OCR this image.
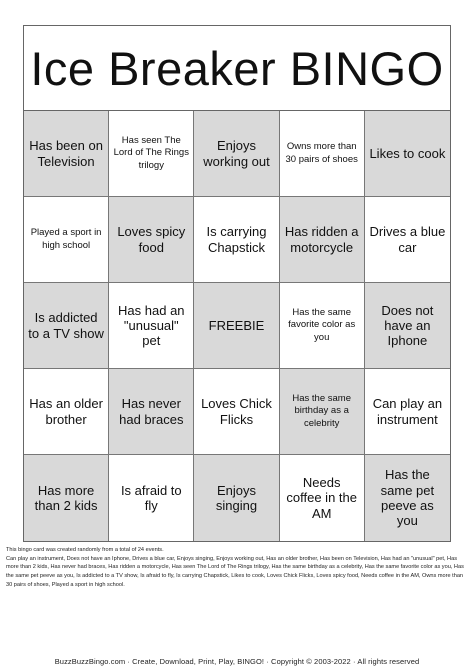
Ice Breaker BINGO
Has been on Television
Has seen The Lord of The Rings trilogy
Enjoys working out
Owns more than 30 pairs of shoes Likes to cook
Played a sport in high school
Loves spicy food
Is carrying Chapstick
Has ridden a motorcycle
Drives a blue car
Is addicted to a TV show
Has had an "unusual" pet
FREEBIE
Has the same favorite color as you
Does not have an Iphone
Has an older brother
Has never had braces
Loves Chick Flicks
Has the same birthday as a celebrity
Can play an instrument
Has more than 2 kids
Is afraid to fly
Enjoys singing
Needs coffee in the AM
Has the same pet peeve as you
This bingo card was created randomly from a total of 24 events.
Can play an instrument, Does not have an Iphone, Drives a blue car, Enjoys singing, Enjoys working out, Has an older brother, Has been on Television, Has had an "unusual" pet, Has more than 2 kids, Has never had braces, Has ridden a motorcycle, Has seen The Lord of The Rings trilogy, Has the same birthday as a celebrity, Has the same favorite color as you, Has the same pet peeve as you, Is addicted to a TV show, Is afraid to fly, Is carrying Chapstick, Likes to cook, Loves Chick Flicks, Loves spicy food, Needs coffee in the AM, Owns more than 30 pairs of shoes, Played a sport in high school.
BuzzBuzzBingo.com · Create, Download, Print, Play, BINGO! · Copyright © 2003-2022 · All rights reserved
